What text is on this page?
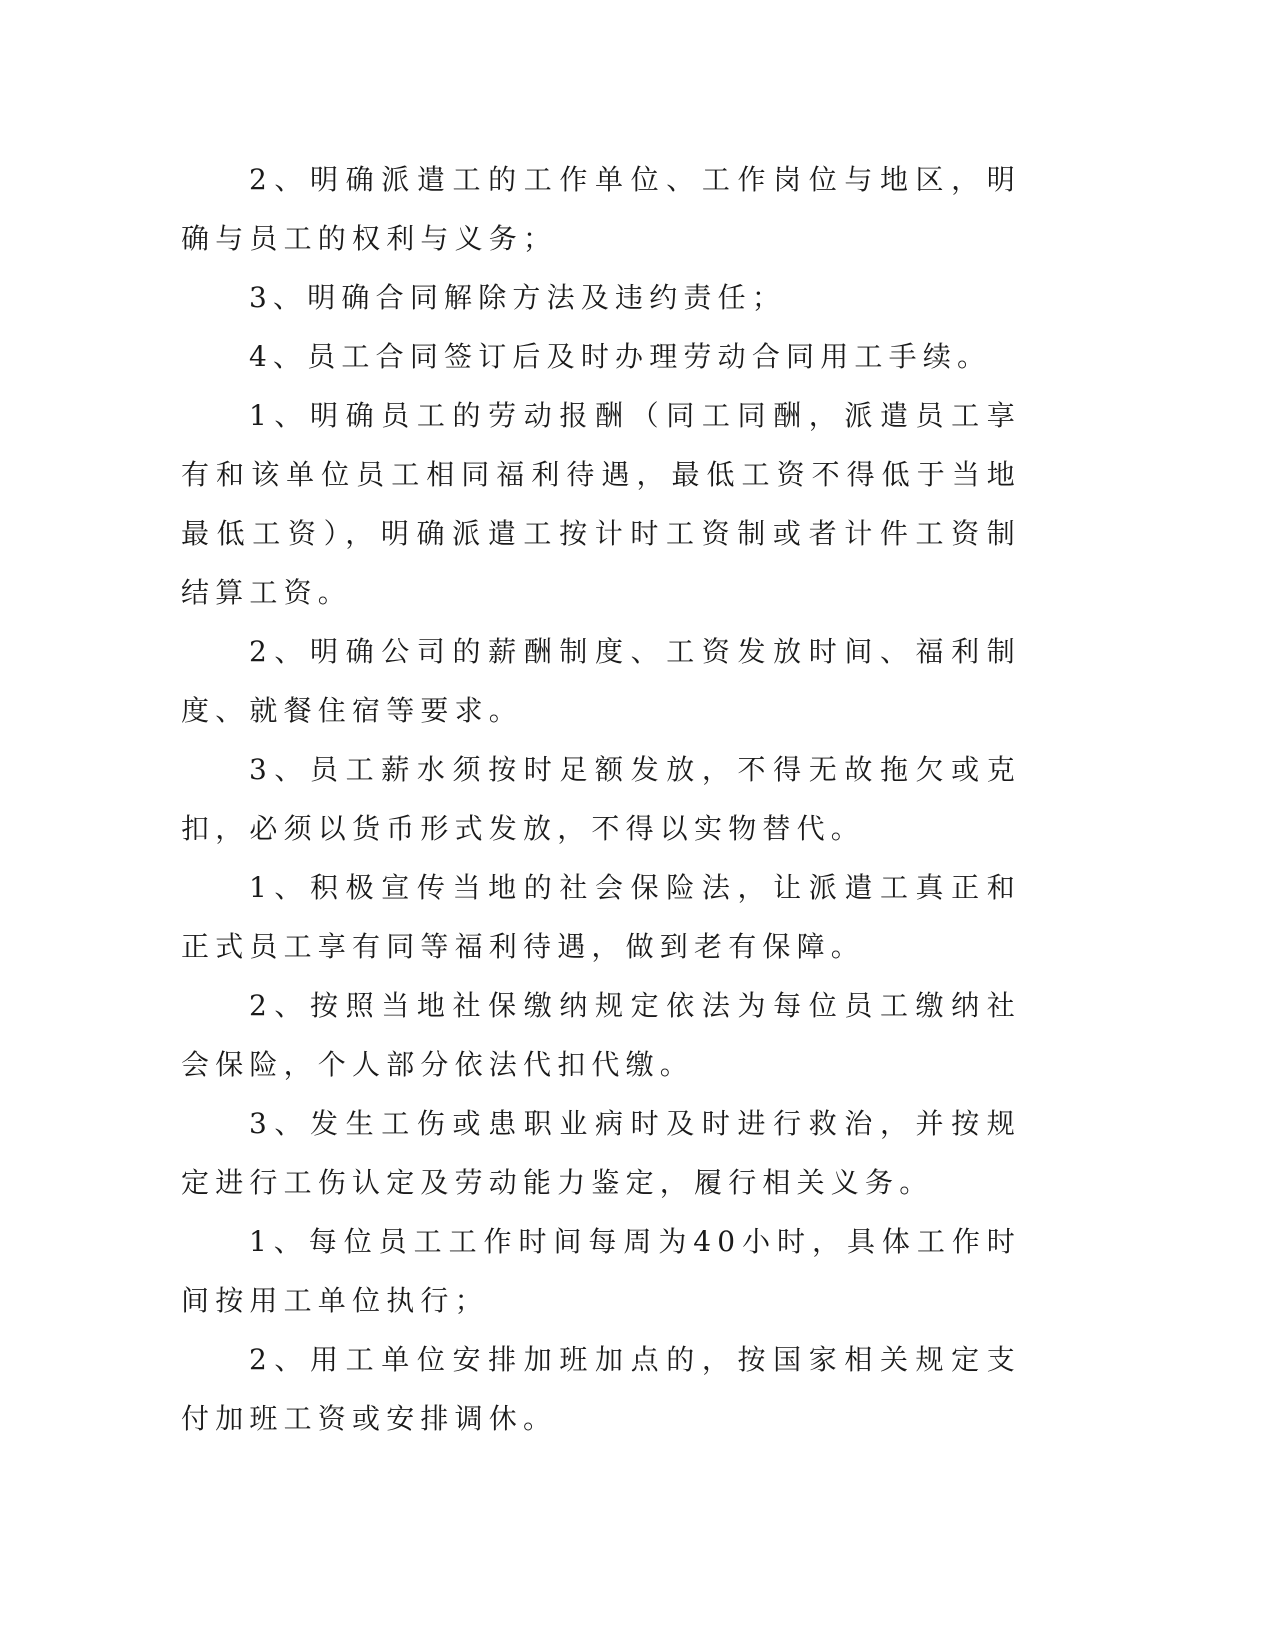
2、明确派遣工的工作单位、工作岗位与地区，明确与员工的权利与义务；

3、明确合同解除方法及违约责任；

4、员工合同签订后及时办理劳动合同用工手续。

1、明确员工的劳动报酬（同工同酬，派遣员工享有和该单位员工相同福利待遇，最低工资不得低于当地最低工资），明确派遣工按计时工资制或者计件工资制结算工资。

2、明确公司的薪酬制度、工资发放时间、福利制度、就餐住宿等要求。

3、员工薪水须按时足额发放，不得无故拖欠或克扣，必须以货币形式发放，不得以实物替代。

1、积极宣传当地的社会保险法，让派遣工真正和正式员工享有同等福利待遇，做到老有保障。

2、按照当地社保缴纳规定依法为每位员工缴纳社会保险，个人部分依法代扣代缴。

3、发生工伤或患职业病时及时进行救治，并按规定进行工伤认定及劳动能力鉴定，履行相关义务。

1、每位员工工作时间每周为40小时，具体工作时间按用工单位执行；

2、用工单位安排加班加点的，按国家相关规定支付加班工资或安排调休。
